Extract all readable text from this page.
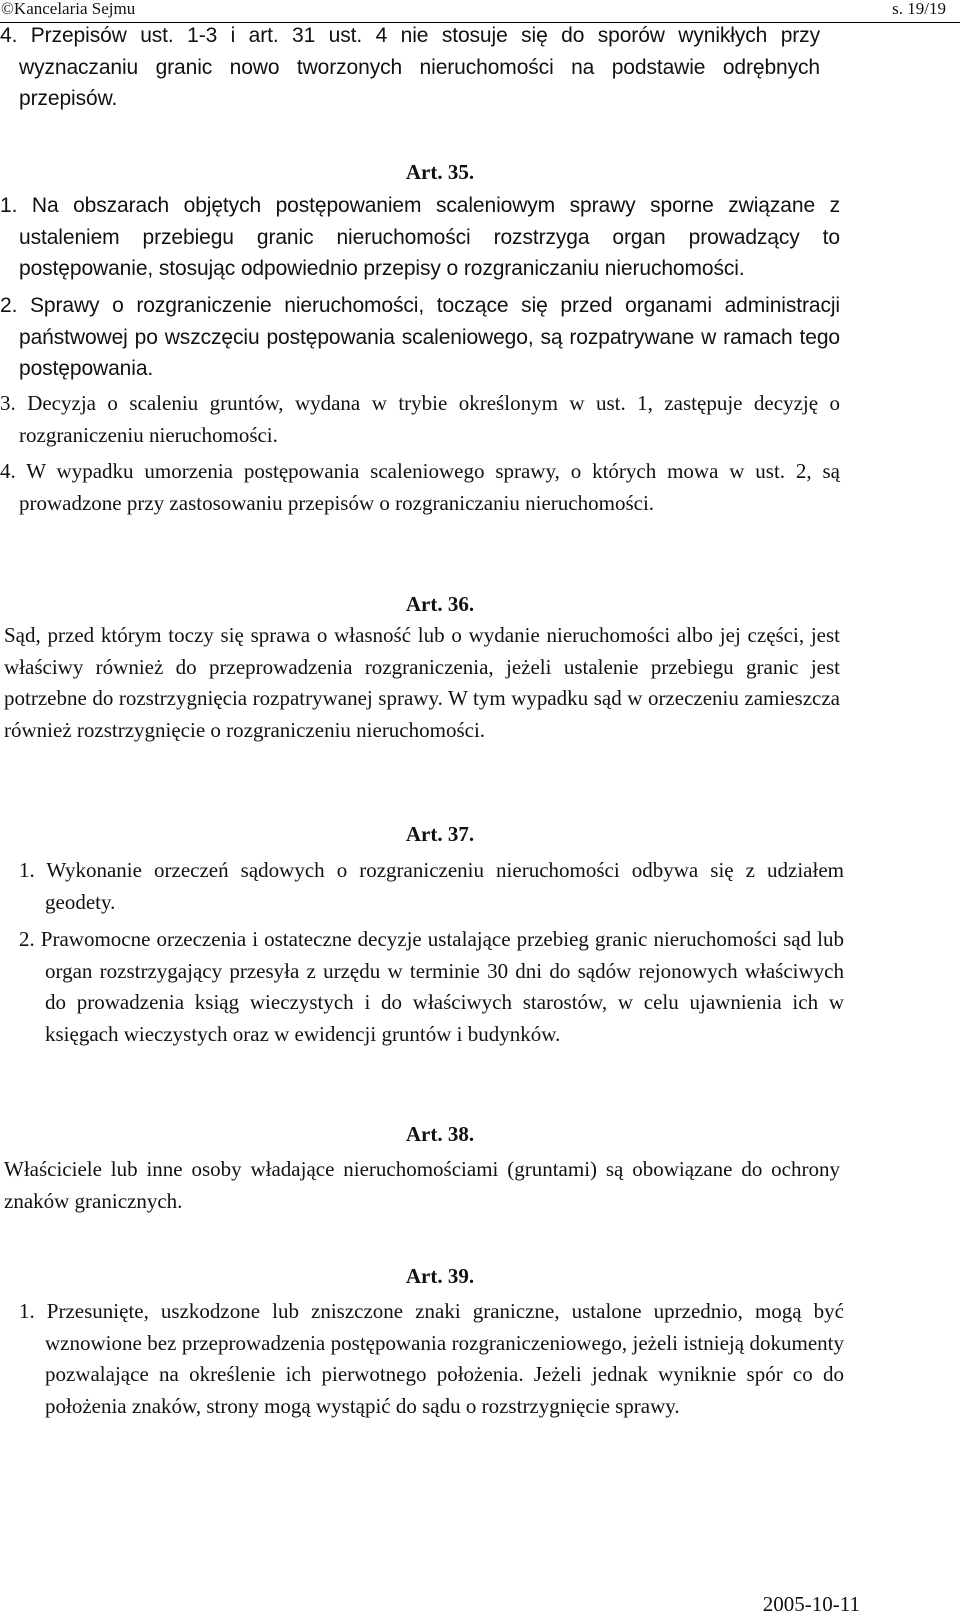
©Kancelaria Sejmu	s. 19/19
4. Przepisów ust. 1-3 i art. 31 ust. 4 nie stosuje się do sporów wynikłych przy wyznaczaniu granic nowo tworzonych nieruchomości na podstawie odrębnych przepisów.
Art. 35.
1. Na obszarach objętych postępowaniem scaleniowym sprawy sporne związane z ustaleniem przebiegu granic nieruchomości rozstrzyga organ prowadzący to postępowanie, stosując odpowiednio przepisy o rozgraniczaniu nieruchomości.
2. Sprawy o rozgraniczenie nieruchomości, toczące się przed organami administracji państwowej po wszczęciu postępowania scaleniowego, są rozpatrywane w ramach tego postępowania.
3. Decyzja o scaleniu gruntów, wydana w trybie określonym w ust. 1, zastępuje decyzję o rozgraniczeniu nieruchomości.
4. W wypadku umorzenia postępowania scaleniowego sprawy, o których mowa w ust. 2, są prowadzone przy zastosowaniu przepisów o rozgraniczaniu nieruchomości.
Art. 36.
Sąd, przed którym toczy się sprawa o własność lub o wydanie nieruchomości albo jej części, jest właściwy również do przeprowadzenia rozgraniczenia, jeżeli ustalenie przebiegu granic jest potrzebne do rozstrzygnięcia rozpatrywanej sprawy. W tym wypadku sąd w orzeczeniu zamieszcza również rozstrzygnięcie o rozgraniczeniu nieruchomości.
Art. 37.
1. Wykonanie orzeczeń sądowych o rozgraniczeniu nieruchomości odbywa się z udziałem geodety.
2. Prawomocne orzeczenia i ostateczne decyzje ustalające przebieg granic nieruchomości sąd lub organ rozstrzygający przesyła z urzędu w terminie 30 dni do sądów rejonowych właściwych do prowadzenia ksiąg wieczystych i do właściwych starostów, w celu ujawnienia ich w księgach wieczystych oraz w ewidencji gruntów i budynków.
Art. 38.
Właściciele lub inne osoby władające nieruchomościami (gruntami) są obowiązane do ochrony znaków granicznych.
Art. 39.
1. Przesunięte, uszkodzone lub zniszczone znaki graniczne, ustalone uprzednio, mogą być wznowione bez przeprowadzenia postępowania rozgraniczeniowego, jeżeli istnieją dokumenty pozwalające na określenie ich pierwotnego położenia. Jeżeli jednak wyniknie spór co do położenia znaków, strony mogą wystąpić do sądu o rozstrzygnięcie sprawy.
2005-10-11
